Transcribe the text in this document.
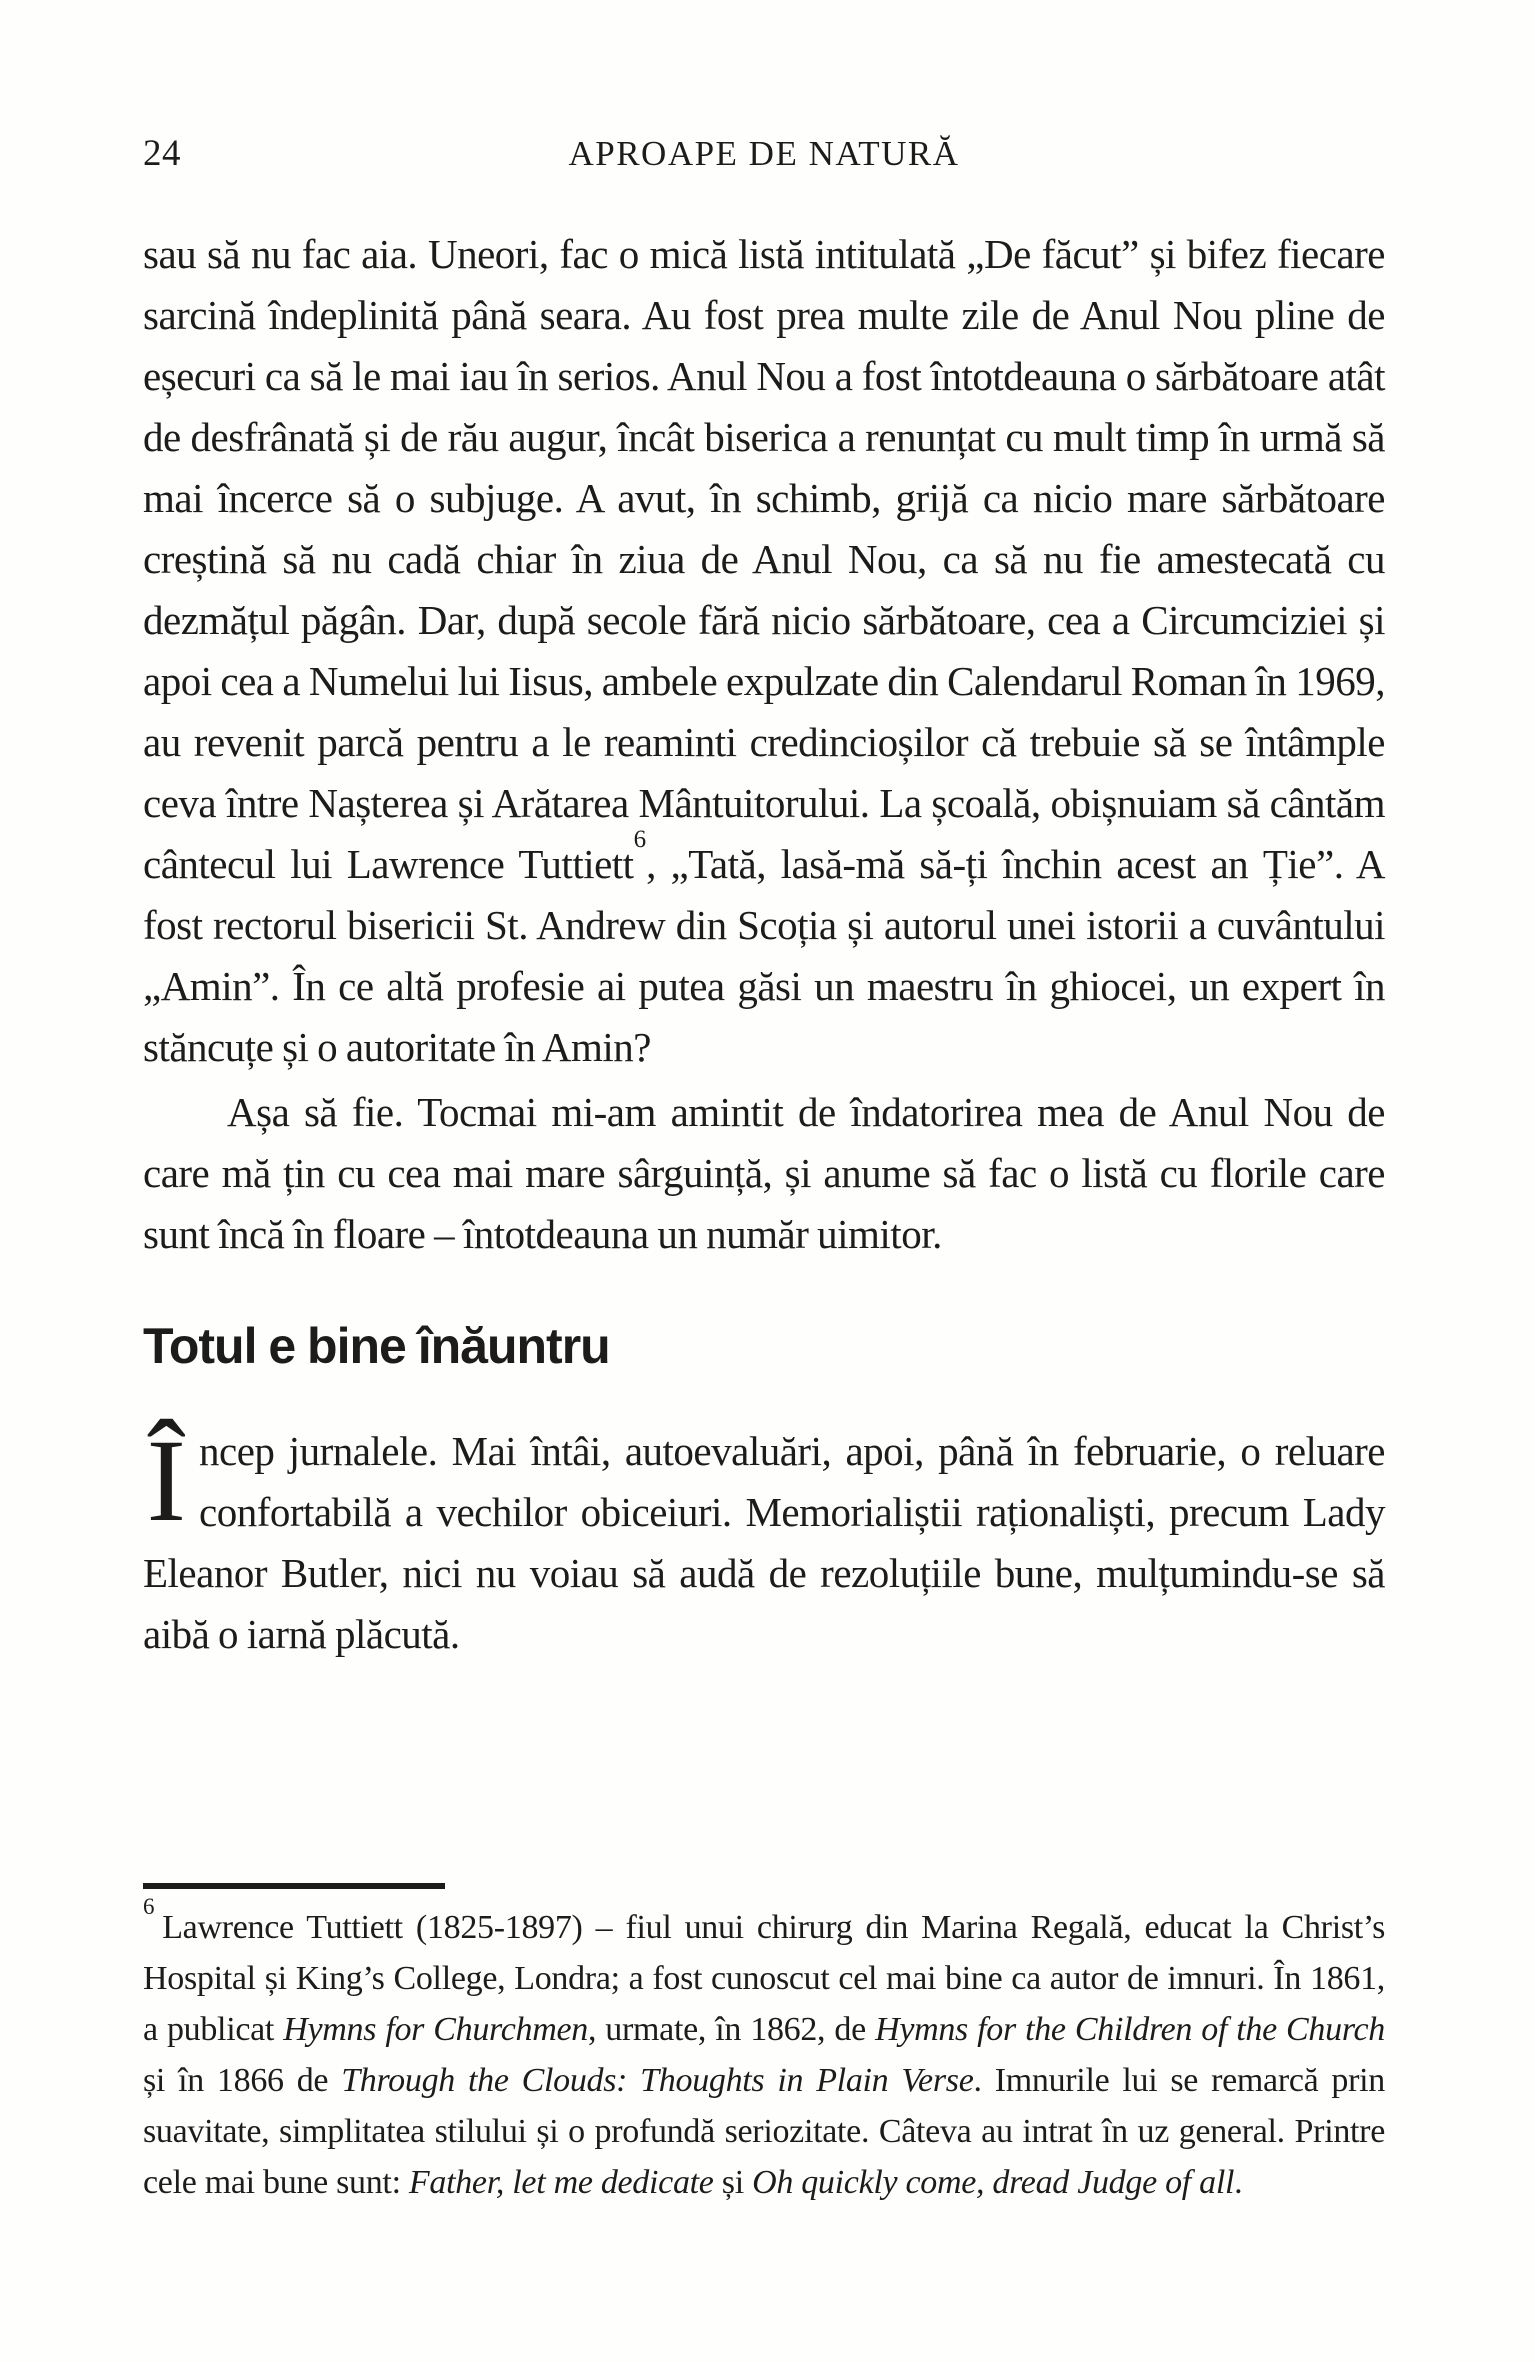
24	APROAPE DE NATURĂ

sau să nu fac aia. Uneori, fac o mică listă intitulată „De făcut” și bifez fiecare sarcină îndeplinită până seara. Au fost prea multe zile de Anul Nou pline de eșecuri ca să le mai iau în serios. Anul Nou a fost întotdeauna o sărbătoare atât de desfrânată și de rău augur, încât biserica a renunțat cu mult timp în urmă să mai încerce să o subjuge. A avut, în schimb, grijă ca nicio mare sărbătoare creștină să nu cadă chiar în ziua de Anul Nou, ca să nu fie amestecată cu dezmățul păgân. Dar, după secole fără nicio sărbătoare, cea a Circumciziei și apoi cea a Numelui lui Iisus, ambele expulzate din Calendarul Roman în 1969, au revenit parcă pentru a le reaminti credincioșilor că trebuie să se întâmple ceva între Nașterea și Arătarea Mântuitorului. La școală, obișnuiam să cântăm cântecul lui Lawrence Tuttiett$^6$, „Tată, lasă-mă să-ți închin acest an Ție”. A fost rectorul bisericii St. Andrew din Scoția și autorul unei istorii a cuvântului „Amin”. În ce altă profesie ai putea găsi un maestru în ghiocei, un expert în stăncuțe și o autoritate în Amin?

Așa să fie. Tocmai mi-am amintit de îndatorirea mea de Anul Nou de care mă țin cu cea mai mare sârguință, și anume să fac o listă cu florile care sunt încă în floare – întotdeauna un număr uimitor.

Totul e bine înăuntru

Încep jurnalele. Mai întâi, autoevaluări, apoi, până în februarie, o reluare confortabilă a vechilor obiceiuri. Memorialiștii raționaliști, precum Lady Eleanor Butler, nici nu voiau să audă de rezoluțiile bune, mulțumindu-se să aibă o iarnă plăcută.

$^6$Lawrence Tuttiett (1825-1897) – fiul unui chirurg din Marina Regală, educat la Christ’s Hospital și King’s College, Londra; a fost cunoscut cel mai bine ca autor de imnuri. În 1861, a publicat Hymns for Churchmen, urmate, în 1862, de Hymns for the Children of the Church și în 1866 de Through the Clouds: Thoughts in Plain Verse. Imnurile lui se remarcă prin suavitate, simplitatea stilului și o profundă seriozitate. Câteva au intrat în uz general. Printre cele mai bune sunt: Father, let me dedicate și Oh quickly come, dread Judge of all.
